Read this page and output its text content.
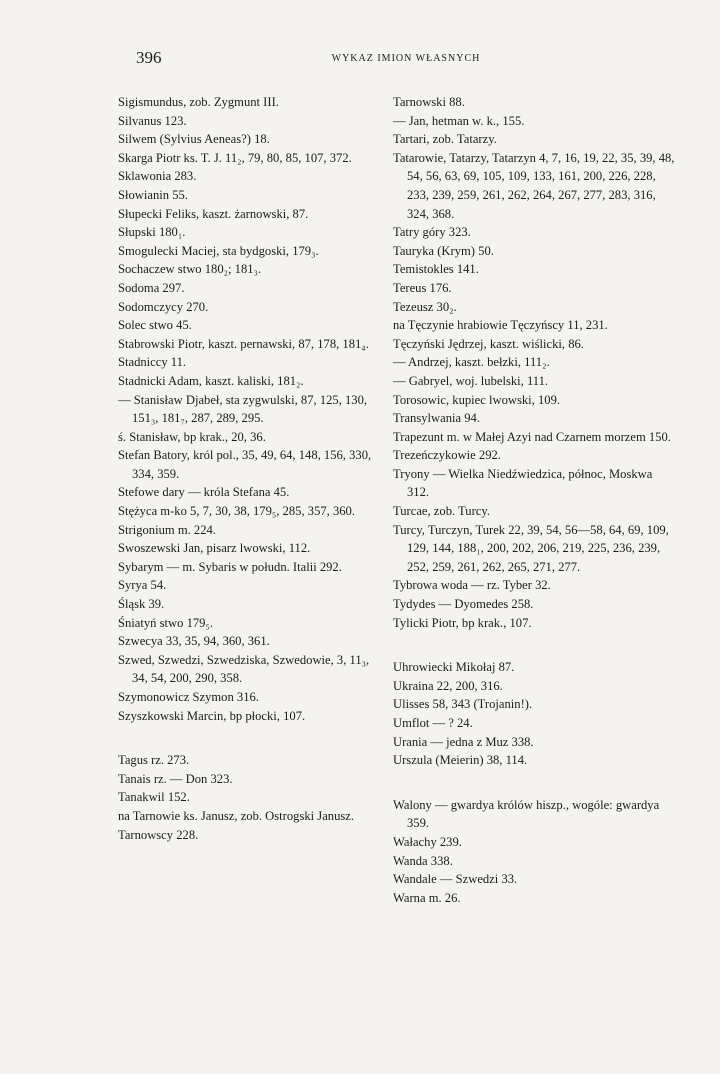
396	WYKAZ IMION WŁASNYCH

Sigismundus, zob. Zygmunt III.

Silvanus 123.

Silwem (Sylvius Aeneas?) 18.

Skarga Piotr ks. T. J. 11₂, 79, 80, 85, 107, 372.

Sklawonia 283.

Słowianin 55.

Słupecki Feliks, kaszt. żarnowski, 87.

Słupski 180₁.

Smogulecki Maciej, sta bydgoski, 179₃.

Sochaczew stwo 180₂; 181₃.

Sodoma 297.

Sodomczycy 270.

Solec stwo 45.

Stabrowski Piotr, kaszt. pernawski, 87, 178, 181₄.

Stadniccy 11.

Stadnicki Adam, kaszt. kaliski, 181₂.

— Stanisław Djabeł, sta zygwulski, 87, 125, 130, 151₃, 181₇, 287, 289, 295.

ś. Stanisław, bp krak., 20, 36.

Stefan Batory, król pol., 35, 49, 64, 148, 156, 330, 334, 359.

Stefowe dary — króla Stefana 45.

Stężyca m-ko 5, 7, 30, 38, 179₅, 285, 357, 360.

Strigonium m. 224.

Swoszewski Jan, pisarz lwowski, 112.

Sybarym — m. Sybaris w połudn. Italii 292.

Syrya 54.

Śląsk 39.

Śniatyń stwo 179₅.

Szwecya 33, 35, 94, 360, 361.

Szwed, Szwedzi, Szwedziska, Szwedowie, 3, 11₃, 34, 54, 200, 290, 358.

Szymonowicz Szymon 316.

Szyszkowski Marcin, bp płocki, 107.

Tagus rz. 273.

Tanais rz. — Don 323.

Tanakwil 152.

na Tarnowie ks. Janusz, zob. Ostrogski Janusz.

Tarnowscy 228.

Tarnowski 88.

— Jan, hetman w. k., 155.

Tartari, zob. Tatarzy.

Tatarowie, Tatarzy, Tatarzyn 4, 7, 16, 19, 22, 35, 39, 48, 54, 56, 63, 69, 105, 109, 133, 161, 200, 226, 228, 233, 239, 259, 261, 262, 264, 267, 277, 283, 316, 324, 368.

Tatry góry 323.

Tauryka (Krym) 50.

Temistokles 141.

Tereus 176.

Tezeusz 30₂.

na Tęczynie hrabiowie Tęczyńscy 11, 231.

Tęczyński Jędrzej, kaszt. wiślicki, 86.

— Andrzej, kaszt. bełzki, 111₂.

— Gabryel, woj. lubelski, 111.

Torosowic, kupiec lwowski, 109.

Transylwania 94.

Trapezunt m. w Małej Azyi nad Czarnem morzem 150.

Trezeńczykowie 292.

Tryony — Wielka Niedźwiedzica, północ, Moskwa 312.

Turcae, zob. Turcy.

Turcy, Turczyn, Turek 22, 39, 54, 56—58, 64, 69, 109, 129, 144, 188₁, 200, 202, 206, 219, 225, 236, 239, 252, 259, 261, 262, 265, 271, 277.

Tybrowa woda — rz. Tyber 32.

Tydydes — Dyomedes 258.

Tylicki Piotr, bp krak., 107.

Uhrowiecki Mikołaj 87.

Ukraina 22, 200, 316.

Ulisses 58, 343 (Trojanin!).

Umflot — ? 24.

Urania — jedna z Muz 338.

Urszula (Meierin) 38, 114.

Walony — gwardya królów hiszp., wogóle: gwardya 359.

Wałachy 239.

Wanda 338.

Wandale — Szwedzi 33.

Warna m. 26.
